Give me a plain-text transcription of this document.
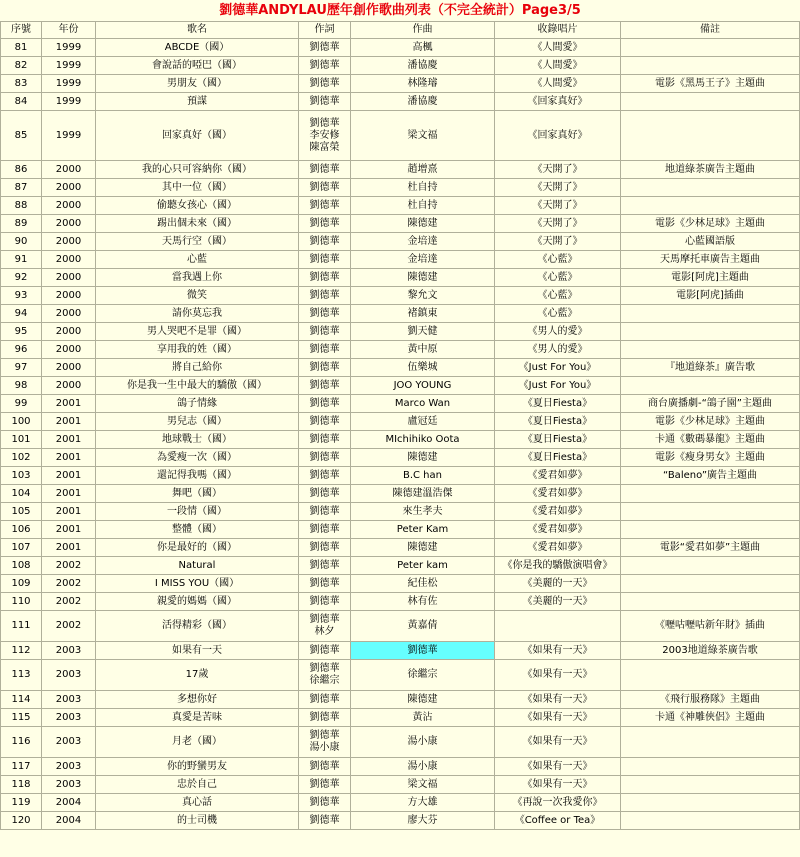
劉德華ANDYLAU歷年創作歌曲列表（不完全統計）Page3/5
序號	年份	歌名	作詞	作曲	收錄唱片	備註
81	1999	ABCDE（國）	劉德華	高楓	《人間愛》	
82	1999	會說話的啞巴（國）	劉德華	潘協慶	《人間愛》	
83	1999	男朋友（國）	劉德華	林隆璿	《人間愛》	電影《黑馬王子》主題曲
84	1999	預謀	劉德華	潘協慶	《回家真好》	
85	1999	回家真好（國）	劉德華
李安修
陳富榮	梁文福	《回家真好》	
86	2000	我的心只可容納你（國）	劉德華	趙增熹	《天開了》	地道綠茶廣告主題曲
87	2000	其中一位（國）	劉德華	杜自持	《天開了》	
88	2000	偷聽女孩心（國）	劉德華	杜自持	《天開了》	
89	2000	踢出個未來（國）	劉德華	陳德建	《天開了》	電影《少林足球》主題曲
90	2000	天馬行空（國）	劉德華	金培達	《天開了》	心藍國語版
91	2000	心藍	劉德華	金培達	《心藍》	天馬摩托車廣告主題曲
92	2000	當我遇上你	劉德華	陳德建	《心藍》	電影[阿虎]主題曲
93	2000	微笑	劉德華	黎允文	《心藍》	電影[阿虎]插曲
94	2000	請你莫忘我	劉德華	褚鎮東	《心藍》	
95	2000	男人哭吧不是罪（國）	劉德華	劉天健	《男人的愛》	
96	2000	享用我的姓（國）	劉德華	黃中原	《男人的愛》	
97	2000	將自己給你	劉德華	伍樂城	《Just For You》	『地道綠茶』廣告歌
98	2000	你是我一生中最大的驕傲（國）	劉德華	JOO YOUNG	《Just For You》	
99	2001	鴿子情緣	劉德華	Marco Wan	《夏日Fiesta》	商台廣播劇-“鴿子園”主題曲
100	2001	男兒志（國）	劉德華	盧冠廷	《夏日Fiesta》	電影《少林足球》主題曲
101	2001	地球戰士（國）	劉德華	MIchihiko Oota	《夏日Fiesta》	卡通《數碼暴龍》主題曲
102	2001	為愛瘦一次（國）	劉德華	陳德建	《夏日Fiesta》	電影《瘦身男女》主題曲
103	2001	還記得我嗎（國）	劉德華	B.C han	《愛君如夢》	“Baleno”廣告主題曲
104	2001	舞吧（國）	劉德華	陳德建溫浩傑	《愛君如夢》	
105	2001	一段情（國）	劉德華	來生孝夫	《愛君如夢》	
106	2001	整體（國）	劉德華	Peter Kam	《愛君如夢》	
107	2001	你是最好的（國）	劉德華	陳德建	《愛君如夢》	電影“愛君如夢”主題曲
108	2002	Natural	劉德華	Peter kam	《你是我的驕傲演唱會》	
109	2002	I MISS YOU（國）	劉德華	紀佳松	《美麗的一天》	
110	2002	親愛的媽媽（國）	劉德華	林有佐	《美麗的一天》	
111	2002	活得精彩（國）	劉德華
林夕	黃嘉倩		《嚦咕嚦咕新年財》插曲
112	2003	如果有一天	劉德華	劉德華	《如果有一天》	2003地道綠茶廣告歌
113	2003	17歲	劉德華
徐繼宗	徐繼宗	《如果有一天》	
114	2003	多想你好	劉德華	陳德建	《如果有一天》	《飛行服務隊》主題曲
115	2003	真愛是苦味	劉德華	黃沾	《如果有一天》	卡通《神雕俠侶》主題曲
116	2003	月老（國）	劉德華
湯小康	湯小康	《如果有一天》	
117	2003	你的野蠻男友	劉德華	湯小康	《如果有一天》	
118	2003	忠於自己	劉德華	梁文福	《如果有一天》	
119	2004	真心話	劉德華	方大雄	《再說一次我愛你》	
120	2004	的士司機	劉德華	廖大芬	《Coffee or Tea》	
